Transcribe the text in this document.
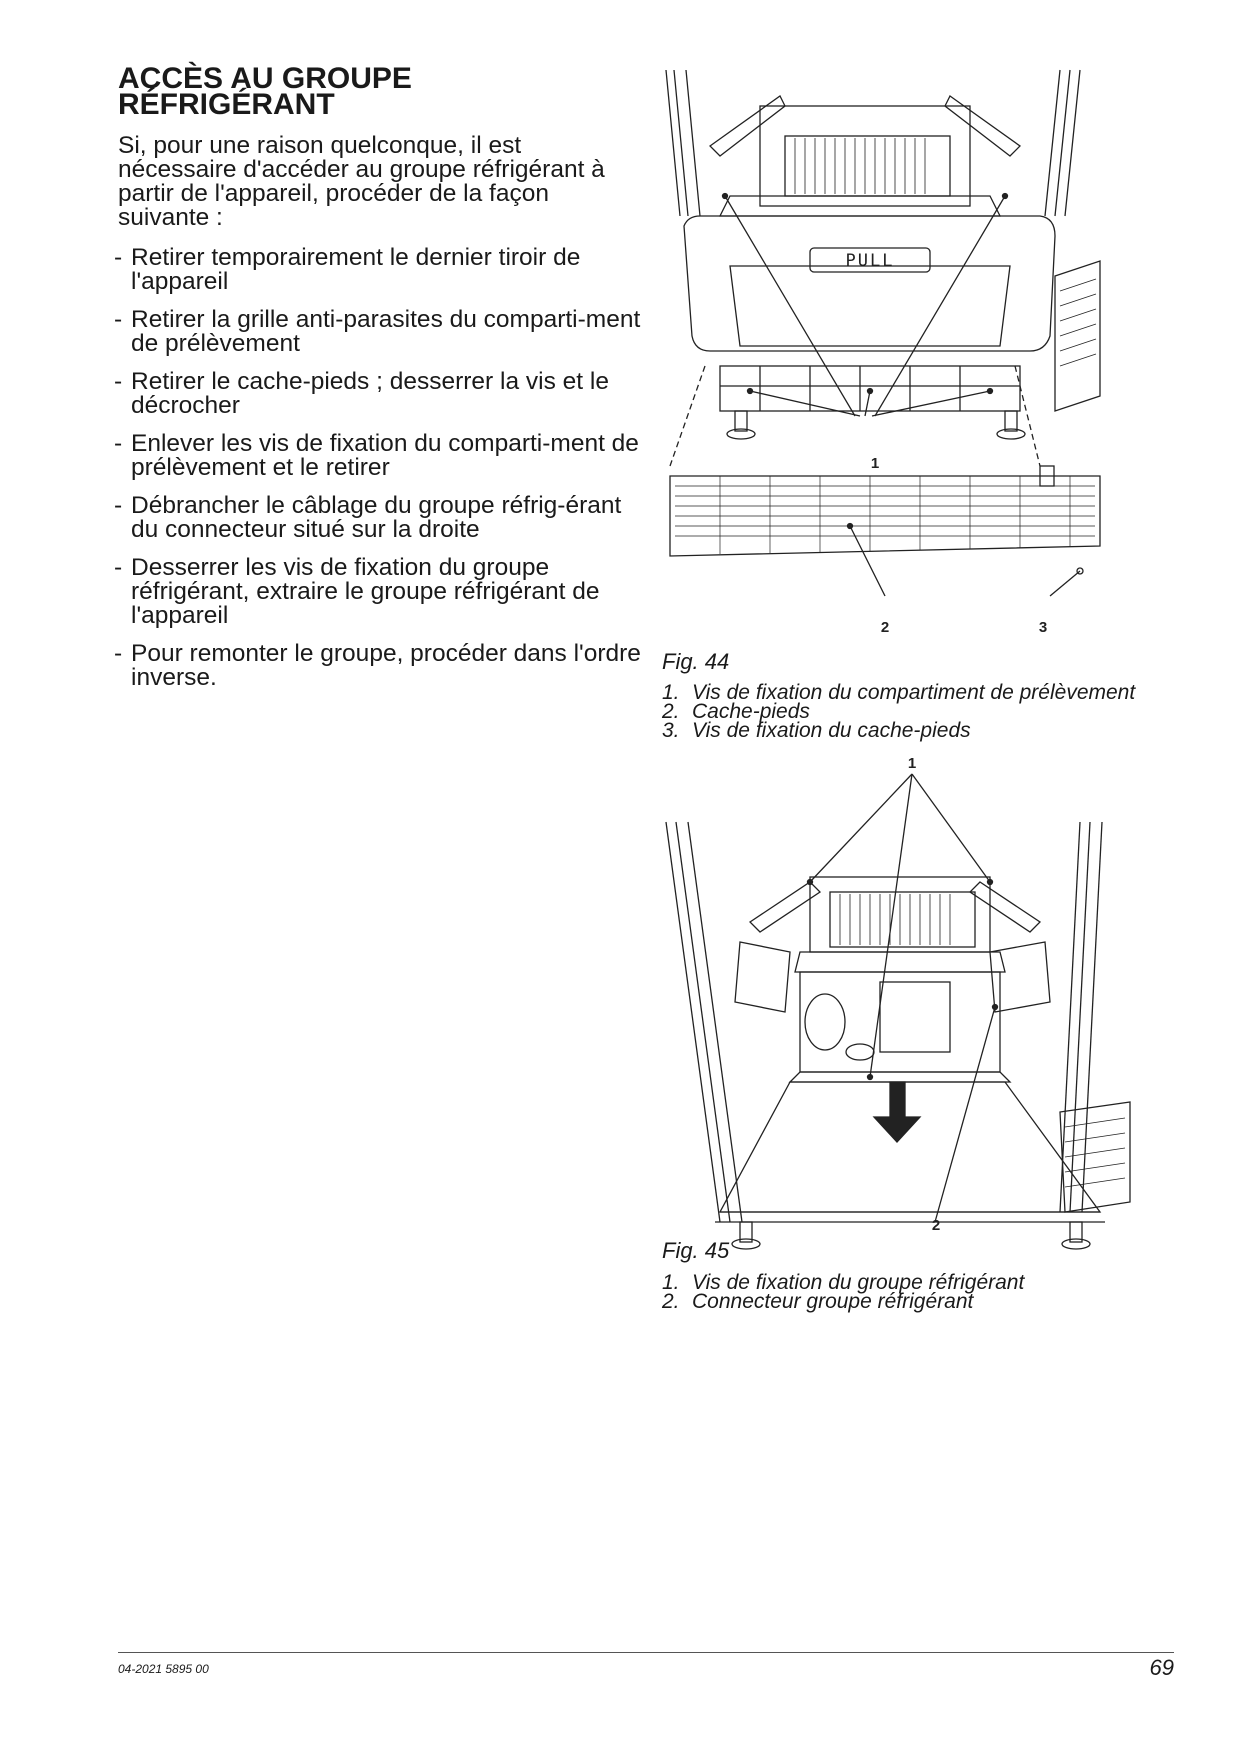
ACCÈS AU GROUPE
RÉFRIGÉRANT

Si, pour une raison quelconque, il est nécessaire d'accéder au groupe réfrigérant à partir de l'appareil, procéder de la façon suivante :

- Retirer temporairement le dernier tiroir de l'appareil
- Retirer la grille anti-parasites du comparti-ment de prélèvement
- Retirer le cache-pieds ; desserrer la vis et le décrocher
- Enlever les vis de fixation du comparti-ment de prélèvement et le retirer
- Débrancher le câblage du groupe réfrig-érant du connecteur situé sur la droite
- Desserrer les vis de fixation du groupe réfrigérant, extraire le groupe réfrigérant de l'appareil
- Pour remonter le groupe, procéder dans l'ordre inverse.
PULL
1
2	3

Fig. 44

1. Vis de fixation du compartiment de prélèvement
2. Cache-pieds
3. Vis de fixation du cache-pieds
1
2

Fig. 45

1. Vis de fixation du groupe réfrigérant
2. Connecteur groupe réfrigérant
04-2021 5895 00	69
